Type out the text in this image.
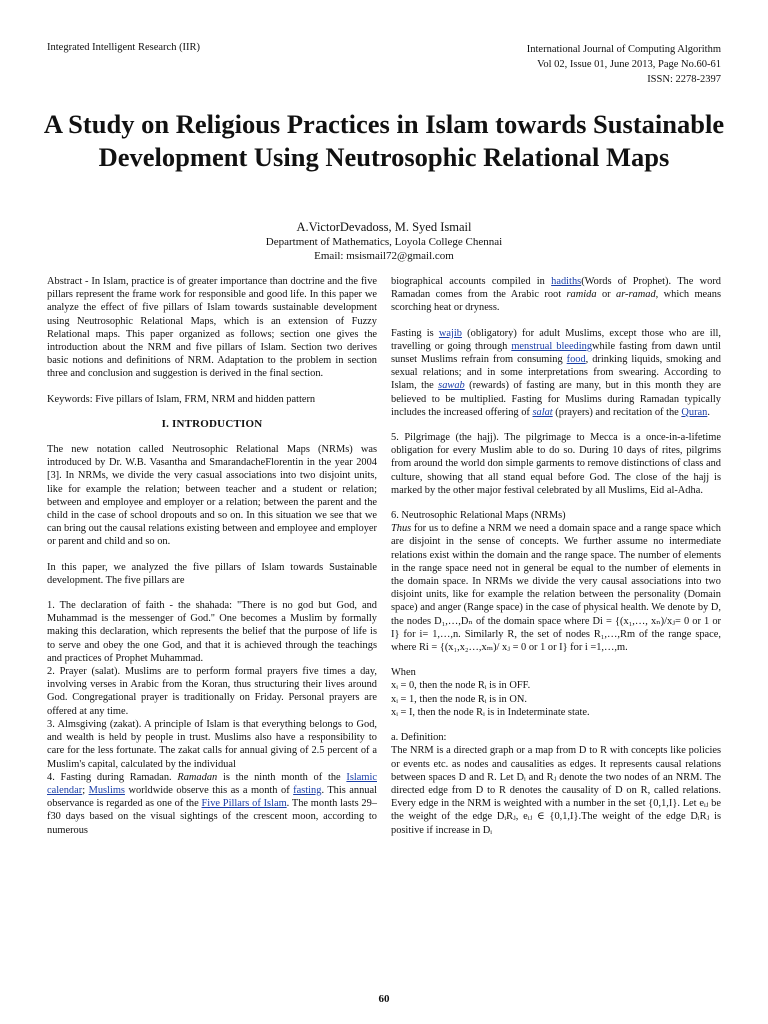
Integrated Intelligent Research (IIR)	International Journal of Computing Algorithm
Vol 02, Issue 01, June 2013, Page No.60-61
ISSN: 2278-2397
A Study on Religious Practices in Islam towards Sustainable Development Using Neutrosophic Relational Maps
A.VictorDevadoss, M. Syed Ismail
Department of Mathematics, Loyola College Chennai
Email: msismail72@gmail.com

Abstract - In Islam, practice is of greater importance than doctrine and the five pillars represent the frame work for responsible and good life. In this paper we analyze the effect of five pillars of Islam towards sustainable development using Neutrosophic Relational Maps, which is an extension of Fuzzy Relational maps. This paper organized as follows; section one gives the introduction about the NRM and five pillars of Islam. Section two derives basic notions and definitions of NRM. Adaptation to the problem in section three and conclusion and suggestion is derived in the final section.

Keywords: Five pillars of Islam, FRM, NRM and hidden pattern

I. INTRODUCTION

The new notation called Neutrosophic Relational Maps (NRMs) was introduced by Dr. W.B. Vasantha and SmarandacheFlorentin in the year 2004 [3]. In NRMs, we divide the very casual associations into two disjoint units, like for example the relation; between teacher and a student or relation; between and employee and employer or a relation; between the parent and the child in the case of school dropouts and so on. In this situation we see that we can bring out the causal relations existing between and employee and employer or parent and child and so on.

In this paper, we analyzed the five pillars of Islam towards Sustainable development. The five pillars are

1. The declaration of faith - the shahada: "There is no god but God, and Muhammad is the messenger of God." One becomes a Muslim by formally making this declaration, which represents the belief that the purpose of life is to serve and obey the one God, and that it is achieved through the teachings and practices of Prophet Muhammad.

2. Prayer (salat). Muslims are to perform formal prayers five times a day, involving verses in Arabic from the Koran, thus structuring their lives around God. Congregational prayer is traditionally on Friday. Personal prayers are offered at any time.

3. Almsgiving (zakat). A principle of Islam is that everything belongs to God, and wealth is held by people in trust. Muslims also have a responsibility to care for the less fortunate. The zakat calls for annual giving of 2.5 percent of a Muslim's capital, calculated by the individual

4. Fasting during Ramadan. Ramadan is the ninth month of the Islamic calendar; Muslims worldwide observe this as a month of fasting. This annual observance is regarded as one of the Five Pillars of Islam. The month lasts 29–f30 days based on the visual sightings of the crescent moon, according to numerous

biographical accounts compiled in hadiths(Words of Prophet). The word Ramadan comes from the Arabic root ramida or ar-ramad, which means scorching heat or dryness.

Fasting is wajib (obligatory) for adult Muslims, except those who are ill, travelling or going through menstrual bleedingwhile fasting from dawn until sunset Muslims refrain from consuming food, drinking liquids, smoking and sexual relations; and in some interpretations from swearing. According to Islam, the sawab (rewards) of fasting are many, but in this month they are believed to be multiplied. Fasting for Muslims during Ramadan typically includes the increased offering of salat (prayers) and recitation of the Quran.

5. Pilgrimage (the hajj). The pilgrimage to Mecca is a once-in-a-lifetime obligation for every Muslim able to do so. During 10 days of rites, pilgrims from around the world don simple garments to remove distinctions of class and culture, showing that all stand equal before God. The close of the hajj is marked by the other major festival celebrated by all Muslims, Eid al-Adha.

6. Neutrosophic Relational Maps (NRMs)

Thus for us to define a NRM we need a domain space and a range space which are disjoint in the sense of concepts. We further assume no intermediate relations exist within the domain and the range space. The number of elements in the range space need not in general be equal to the number of elements in the domain space. In NRMs we divide the very causal associations into two disjoint units, like for example the relation between the personality (Domain space) and anger (Range space) in the case of physical health. We denote by D, the nodes D₁,…,Dₙ of the domain space where Di = {(x₁,…, xₙ)/xⱼ= 0 or 1 or I} for i= 1,…,n. Similarly R, the set of nodes R₁,…,Rm of the range space, where Ri = {(x₁,x₂…,xₘ)/ xⱼ = 0 or 1 or I} for i =1,…,m.

When
xᵢ = 0, then the node Rᵢ is in OFF.
xᵢ = 1, then the node Rᵢ is in ON.

xᵢ = I, then the node Rᵢ is in Indeterminate state.

a. Definition:

The NRM is a directed graph or a map from D to R with concepts like policies or events etc. as nodes and causalities as edges. It represents causal relations between spaces D and R. Let Dᵢ and Rⱼ denote the two nodes of an NRM. The directed edge from D to R denotes the causality of D on R, called relations. Every edge in the NRM is weighted with a number in the set {0,1,I}. Let eᵢⱼ be the weight of the edge DᵢRⱼ, eᵢⱼ ∈ {0,1,I}.The weight of the edge DᵢRⱼ is positive if increase in Dᵢ

60
